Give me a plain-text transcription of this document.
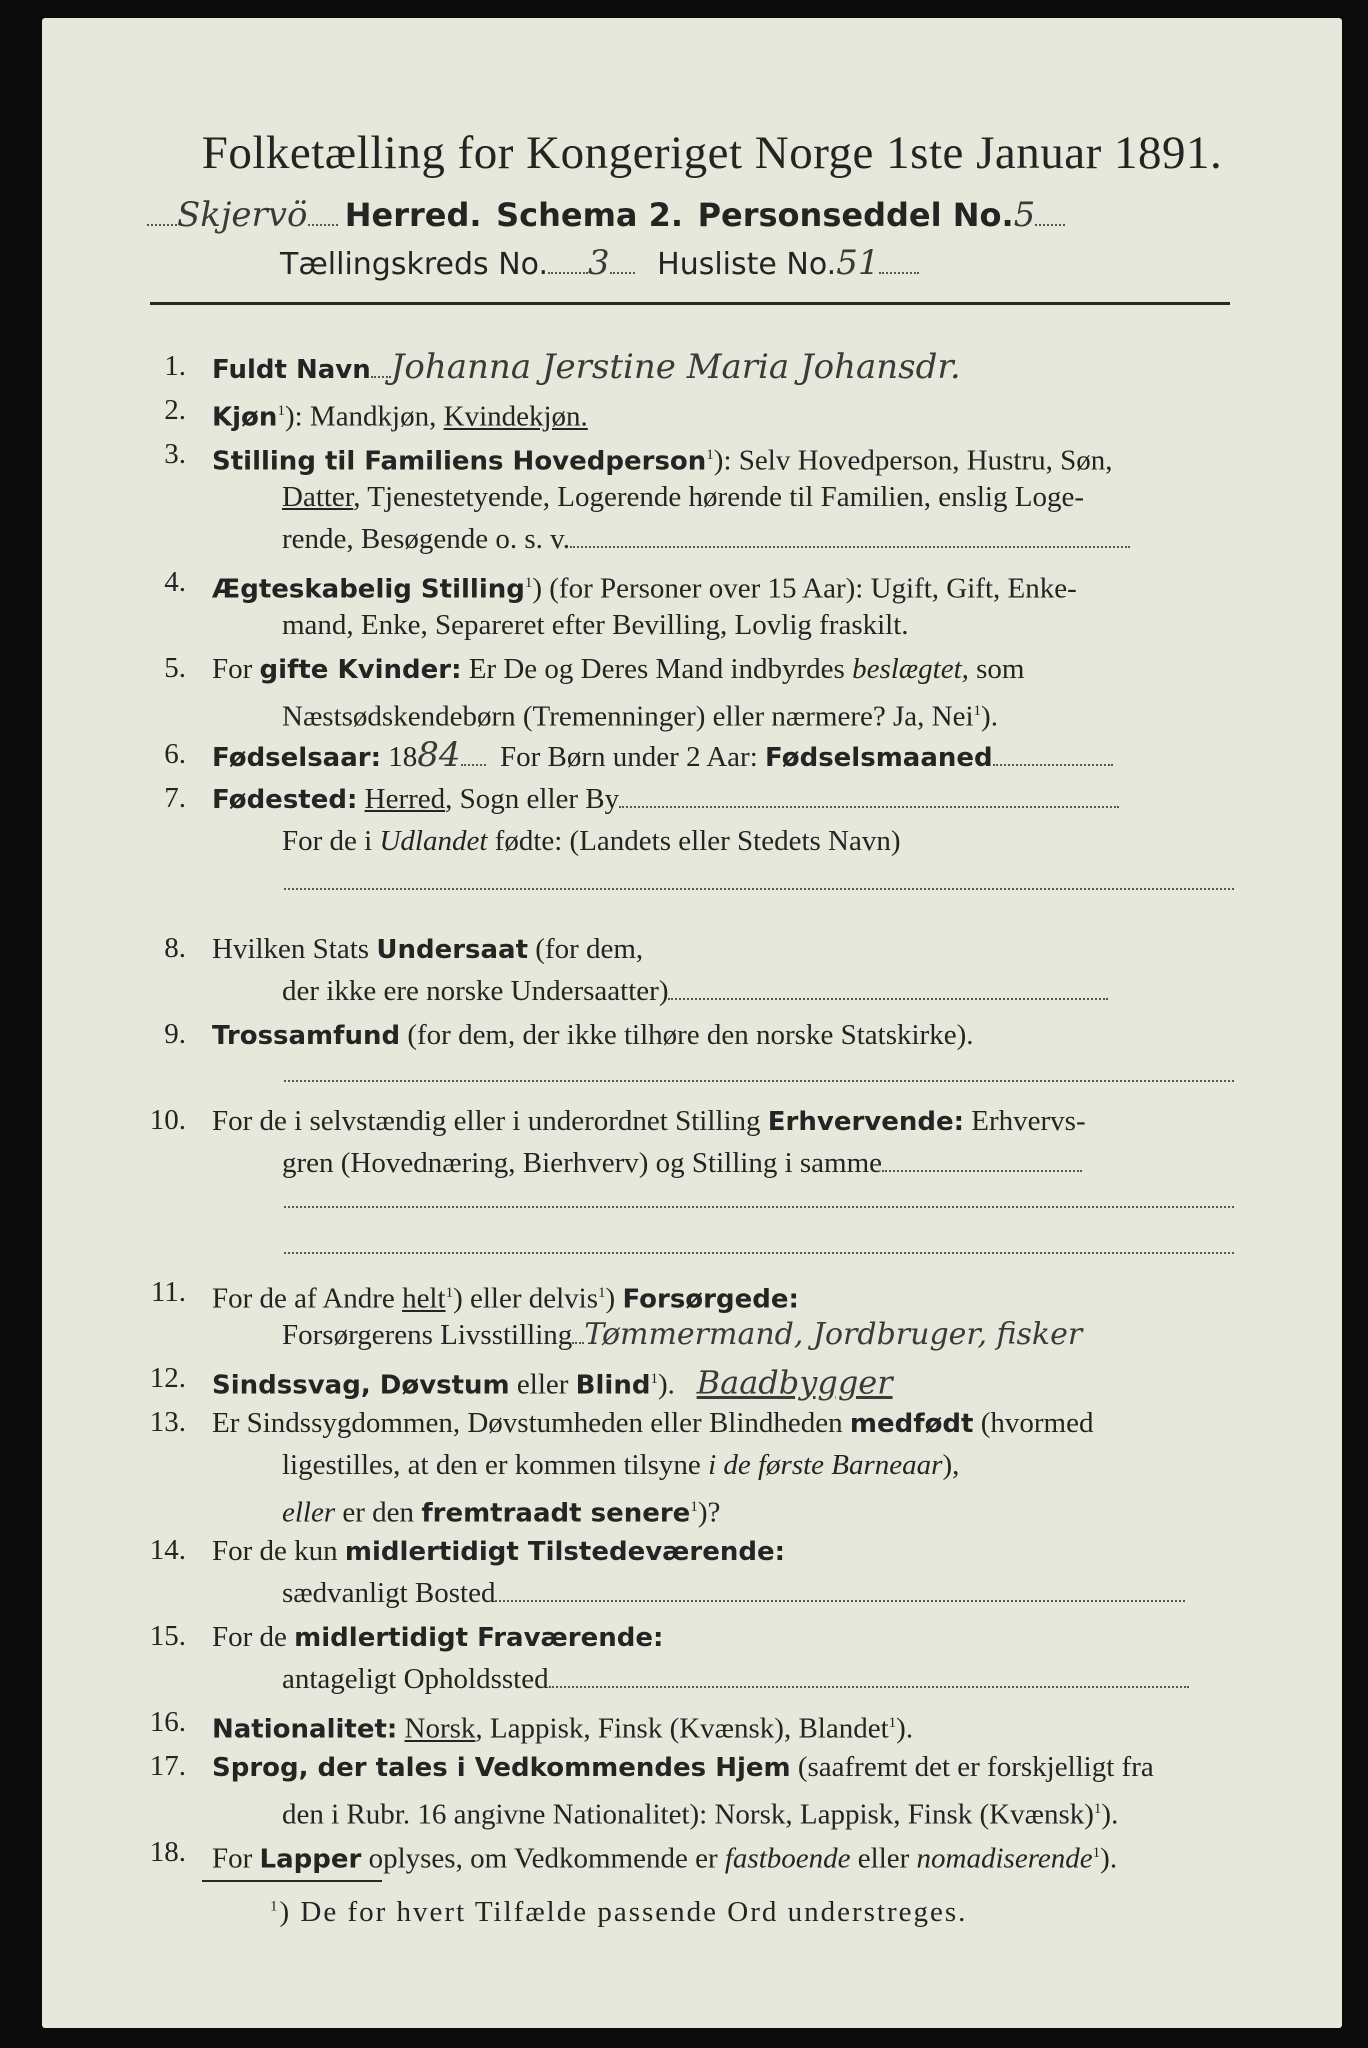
Folketælling for Kongeriget Norge 1ste Januar 1891.
Skjervö Herred. Schema 2. Personseddel No.5
Tællingskreds No. 3 Husliste No.51
1. Fuldt Navn Johanna Jerstine Maria Johansdr.
2. Kjøn$^1$): Mandkjøn, Kvindekjøn.
3. Stilling til Familiens Hovedperson$^1$): Selv Hovedperson, Hustru, Søn,
Datter, Tjenestetyende, Logerende hørende til Familien, enslig Loge-
rende, Besøgende o. s. v.
4. Ægteskabelig Stilling$^1$) (for Personer over 15 Aar): Ugift, Gift, Enke-
mand, Enke, Separeret efter Bevilling, Lovlig fraskilt.
5. For gifte Kvinder: Er De og Deres Mand indbyrdes beslægtet, som
Næstsødskendebørn (Tremenninger) eller nærmere? Ja, Nei$^1$).
6. Fødselsaar: 1884 For Børn under 2 Aar: Fødselsmaaned
7. Fødested: Herred, Sogn eller By
For de i Udlandet fødte: (Landets eller Stedets Navn)
8. Hvilken Stats Undersaat (for dem,
der ikke ere norske Undersaatter)
9. Trossamfund (for dem, der ikke tilhøre den norske Statskirke).
10. For de i selvstændig eller i underordnet Stilling Erhvervende: Erhvervs-
gren (Hovednæring, Bierhverv) og Stilling i samme
11. For de af Andre helt$^1$) eller delvis$^1$) Forsørgede:
Forsørgerens Livsstilling Tømmermand, Jordbruger, fisker
12. Sindssvag, Døvstum eller Blind$^1$).   Baadbygger
13. Er Sindssygdommen, Døvstumheden eller Blindheden medfødt (hvormed
ligestilles, at den er kommen tilsyne i de første Barneaar),
eller er den fremtraadt senere$^1$)?
14. For de kun midlertidigt Tilstedeværende:
sædvanligt Bosted
15. For de midlertidigt Fraværende:
antageligt Opholdssted
16. Nationalitet: Norsk, Lappisk, Finsk (Kvænsk), Blandet$^1$).
17. Sprog, der tales i Vedkommendes Hjem (saafremt det er forskjelligt fra
den i Rubr. 16 angivne Nationalitet): Norsk, Lappisk, Finsk (Kvænsk)$^1$).
18. For Lapper oplyses, om Vedkommende er fastboende eller nomadiserende$^1$).
$^1$) De for hvert Tilfælde passende Ord understreges.
